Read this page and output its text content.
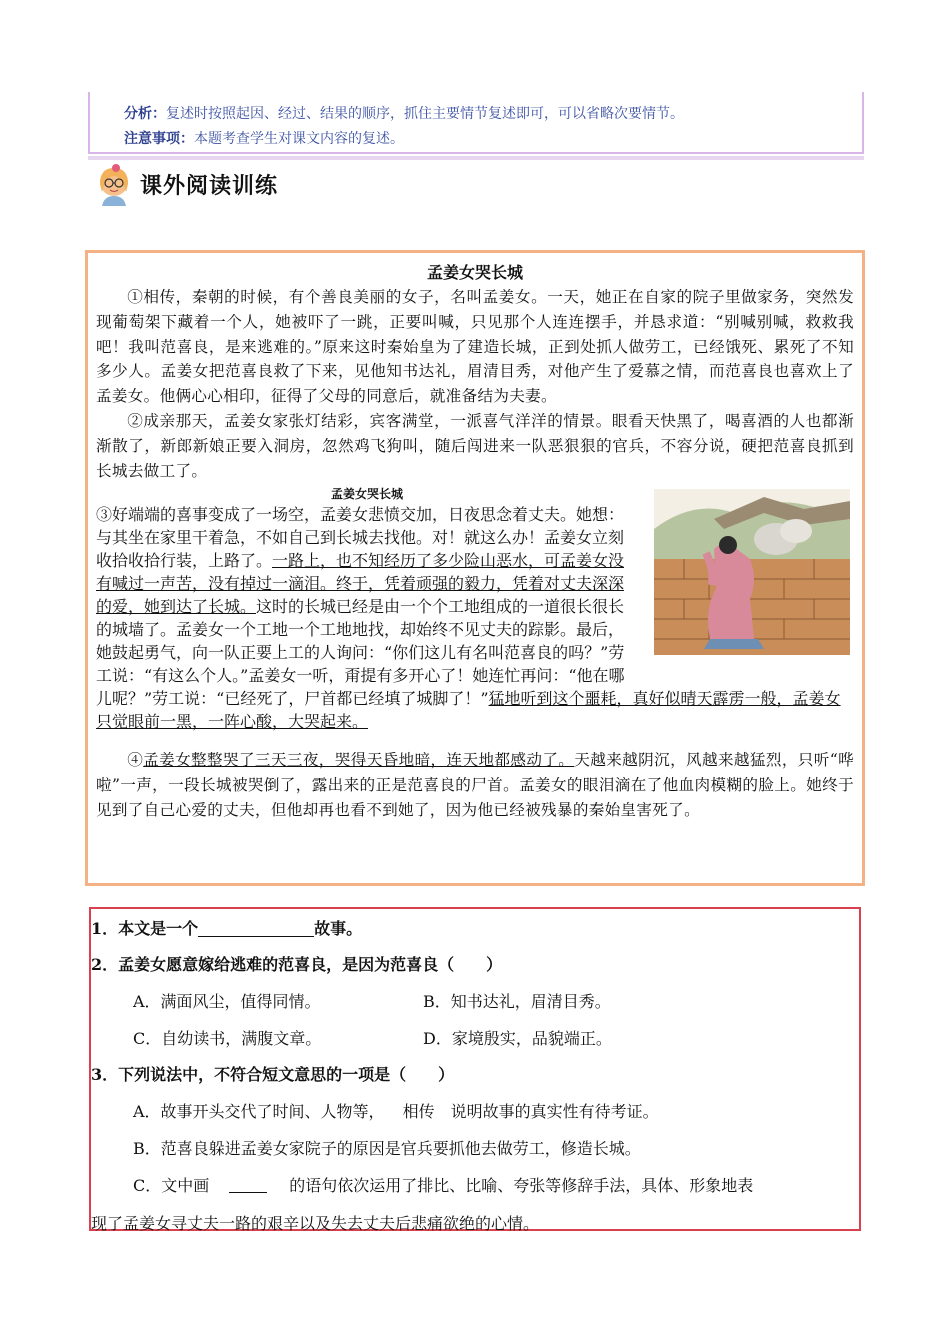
分析：复述时按照起因、经过、结果的顺序，抓住主要情节复述即可，可以省略次要情节。
注意事项：本题考查学生对课文内容的复述。
课外阅读训练
孟姜女哭长城

①相传，秦朝的时候，有个善良美丽的女子，名叫孟姜女。一天，她正在自家的院子里做家务，突然发现葡萄架下藏着一个人，她被吓了一跳，正要叫喊，只见那个人连连摆手，并恳求道：“别喊别喊，救救我吧！我叫范喜良，是来逃难的。”原来这时秦始皇为了建造长城，正到处抓人做劳工，已经饿死、累死了不知多少人。孟姜女把范喜良救了下来，见他知书达礼，眉清目秀，对他产生了爱慕之情，而范喜良也喜欢上了孟姜女。他俩心心相印，征得了父母的同意后，就准备结为夫妻。

②成亲那天，孟姜女家张灯结彩，宾客满堂，一派喜气洋洋的情景。眼看天快黑了，喝喜酒的人也都渐渐散了，新郎新娘正要入洞房，忽然鸡飞狗叫，随后闯进来一队恶狠狠的官兵，不容分说，硬把范喜良抓到长城去做工了。

孟姜女哭长城
③好端端的喜事变成了一场空，孟姜女悲愤交加，日夜思念着丈夫。她想：与其坐在家里干着急，不如自己到长城去找他。对！就这么办！孟姜女立刻收拾收拾行装，上路了。一路上，也不知经历了多少险山恶水，可孟姜女没有喊过一声苦，没有掉过一滴泪。终于，凭着顽强的毅力，凭着对丈夫深深的爱，她到达了长城。这时的长城已经是由一个个工地组成的一道很长很长的城墙了。孟姜女一个工地一个工地地找，却始终不见丈夫的踪影。最后，她鼓起勇气，向一队正要上工的人询问：“你们这儿有名叫范喜良的吗？”劳工说：“有这么个人。”孟姜女一听，甭提有多开心了！她连忙再问：“他在哪儿呢？”劳工说：“已经死了，尸首都已经填了城脚了！”猛地听到这个噩耗，真好似晴天霹雳一般，孟姜女只觉眼前一黑，一阵心酸，大哭起来。

④孟姜女整整哭了三天三夜，哭得天昏地暗，连天地都感动了。天越来越阴沉，风越来越猛烈，只听“哗啦”一声，一段长城被哭倒了，露出来的正是范喜良的尸首。孟姜女的眼泪滴在了他血肉模糊的脸上。她终于见到了自己心爱的丈夫，但他却再也看不到她了，因为他已经被残暴的秦始皇害死了。

1．本文是一个	故事。
2．孟姜女愿意嫁给逃难的范喜良，是因为范喜良（　　）
A．满面风尘，值得同情。	B．知书达礼，眉清目秀。
C．自幼读书，满腹文章。	D．家境殷实，品貌端正。
3．下列说法中，不符合短文意思的一项是（　　）
A．故事开头交代了时间、人物等， 相传 说明故事的真实性有待考证。
B．范喜良躲进孟姜女家院子的原因是官兵要抓他去做劳工，修造长城。
C．文中画	的语句依次运用了排比、比喻、夸张等修辞手法，具体、形象地表
现了孟姜女寻丈夫一路的艰辛以及失去丈夫后悲痛欲绝的心情。
